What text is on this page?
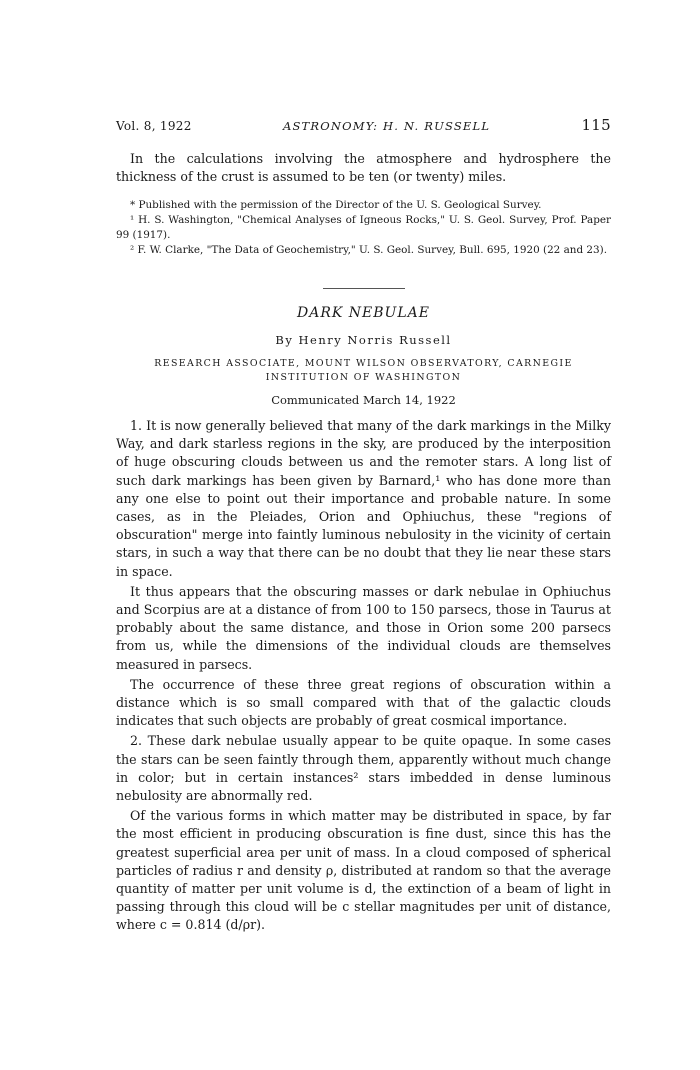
Vol. 8, 1922	ASTRONOMY: H. N. RUSSELL	115

In the calculations involving the atmosphere and hydrosphere the thickness of the crust is assumed to be ten (or twenty) miles.

* Published with the permission of the Director of the U. S. Geological Survey.

¹ H. S. Washington, "Chemical Analyses of Igneous Rocks," U. S. Geol. Survey, Prof. Paper 99 (1917).

² F. W. Clarke, "The Data of Geochemistry," U. S. Geol. Survey, Bull. 695, 1920 (22 and 23).

DARK NEBULAE
By Henry Norris Russell
RESEARCH ASSOCIATE, MOUNT WILSON OBSERVATORY, CARNEGIE INSTITUTION OF WASHINGTON
Communicated March 14, 1922

1. It is now generally believed that many of the dark markings in the Milky Way, and dark starless regions in the sky, are produced by the interposition of huge obscuring clouds between us and the remoter stars. A long list of such dark markings has been given by Barnard,¹ who has done more than any one else to point out their importance and probable nature. In some cases, as in the Pleiades, Orion and Ophiuchus, these "regions of obscuration" merge into faintly luminous nebulosity in the vicinity of certain stars, in such a way that there can be no doubt that they lie near these stars in space.

It thus appears that the obscuring masses or dark nebulae in Ophiuchus and Scorpius are at a distance of from 100 to 150 parsecs, those in Taurus at probably about the same distance, and those in Orion some 200 parsecs from us, while the dimensions of the individual clouds are themselves measured in parsecs.

The occurrence of these three great regions of obscuration within a distance which is so small compared with that of the galactic clouds indicates that such objects are probably of great cosmical importance.

2. These dark nebulae usually appear to be quite opaque. In some cases the stars can be seen faintly through them, apparently without much change in color; but in certain instances² stars imbedded in dense luminous nebulosity are abnormally red.

Of the various forms in which matter may be distributed in space, by far the most efficient in producing obscuration is fine dust, since this has the greatest superficial area per unit of mass. In a cloud composed of spherical particles of radius r and density ρ, distributed at random so that the average quantity of matter per unit volume is d, the extinction of a beam of light in passing through this cloud will be c stellar magnitudes per unit of distance, where c = 0.814 (d/ρr).
